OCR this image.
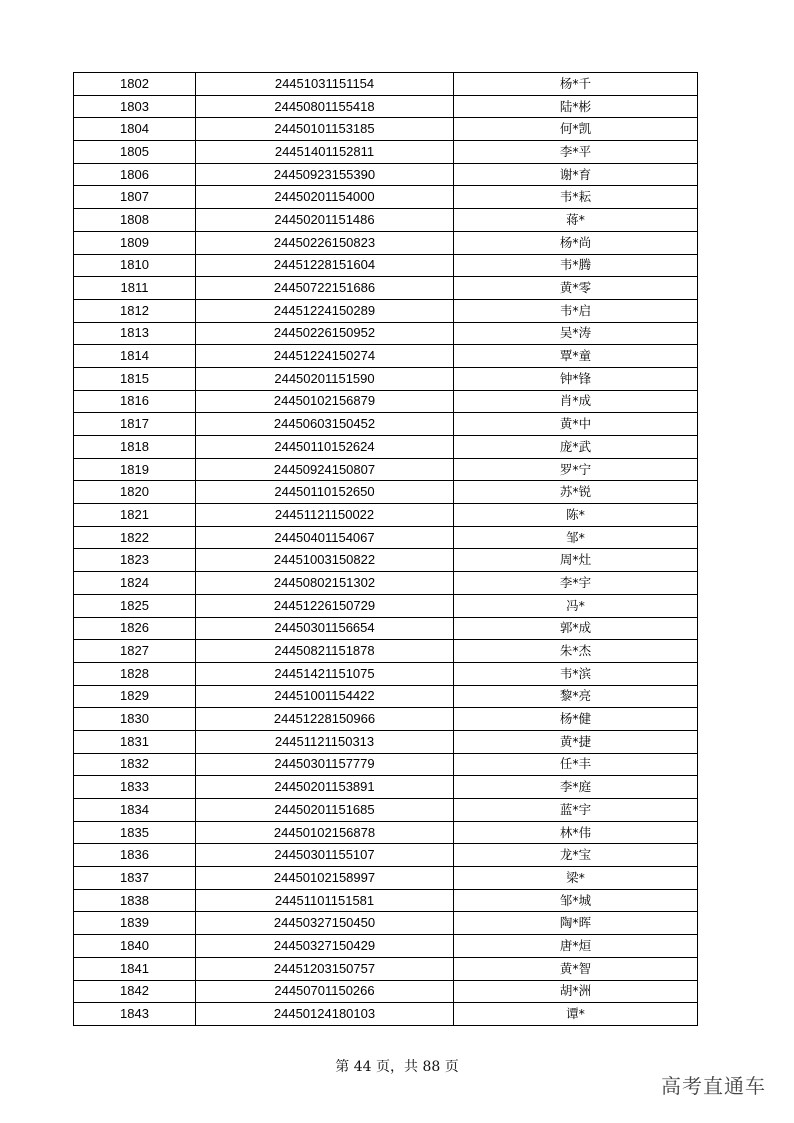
1802	24451031151154	杨*千
1803	24450801155418	陆*彬
1804	24450101153185	何*凯
1805	24451401152811	李*平
1806	24450923155390	谢*育
1807	24450201154000	韦*耘
1808	24450201151486	蒋*
1809	24450226150823	杨*尚
1810	24451228151604	韦*腾
1811	24450722151686	黄*零
1812	24451224150289	韦*启
1813	24450226150952	吴*涛
1814	24451224150274	覃*童
1815	24450201151590	钟*锋
1816	24450102156879	肖*成
1817	24450603150452	黄*中
1818	24450110152624	庞*武
1819	24450924150807	罗*宁
1820	24450110152650	苏*锐
1821	24451121150022	陈*
1822	24450401154067	邹*
1823	24451003150822	周*灶
1824	24450802151302	李*宇
1825	24451226150729	冯*
1826	24450301156654	郭*成
1827	24450821151878	朱*杰
1828	24451421151075	韦*滨
1829	24451001154422	黎*亮
1830	24451228150966	杨*健
1831	24451121150313	黄*捷
1832	24450301157779	任*丰
1833	24450201153891	李*庭
1834	24450201151685	蓝*宇
1835	24450102156878	林*伟
1836	24450301155107	龙*宝
1837	24450102158997	梁*
1838	24451101151581	邹*城
1839	24450327150450	陶*晖
1840	24450327150429	唐*烜
1841	24451203150757	黄*智
1842	24450701150266	胡*洲
1843	24450124180103	谭*
第 44 页，共 88 页
高考直通车
